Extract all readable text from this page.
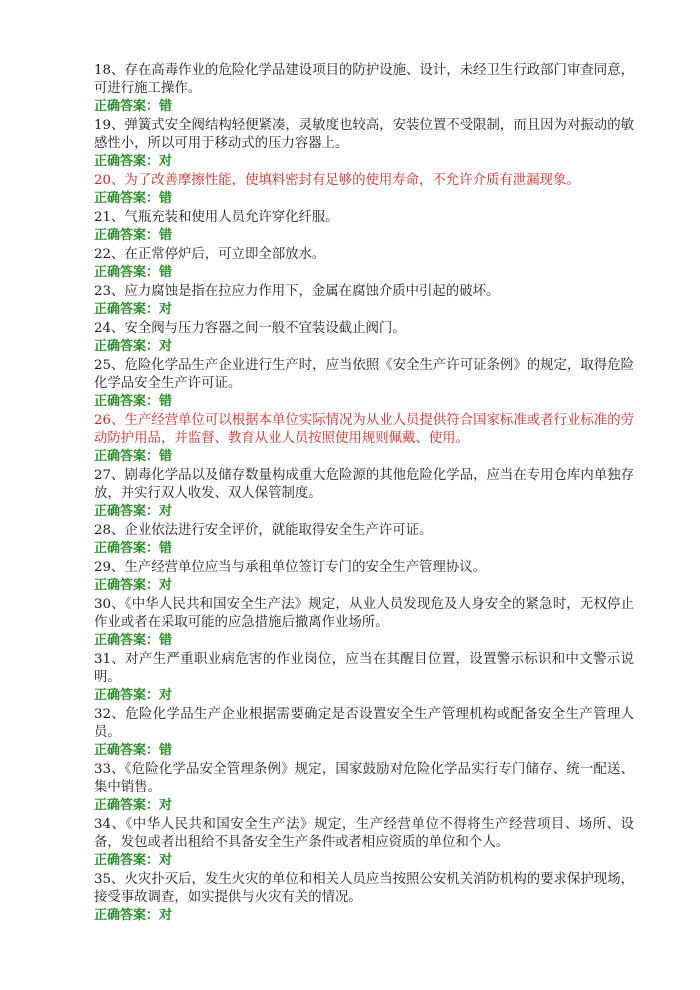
18、存在高毒作业的危险化学品建设项目的防护设施、设计，未经卫生行政部门审查同意，可进行施工操作。

正确答案：错

19、弹簧式安全阀结构轻便紧凑，灵敏度也较高，安装位置不受限制，而且因为对振动的敏感性小，所以可用于移动式的压力容器上。

正确答案：对

20、为了改善摩擦性能，使填料密封有足够的使用寿命，不允许介质有泄漏现象。

正确答案：错

21、气瓶充装和使用人员允许穿化纤服。

正确答案：错

22、在正常停炉后，可立即全部放水。

正确答案：错

23、应力腐蚀是指在拉应力作用下，金属在腐蚀介质中引起的破坏。

正确答案：对

24、安全阀与压力容器之间一般不宜装设截止阀门。

正确答案：对

25、危险化学品生产企业进行生产时，应当依照《安全生产许可证条例》的规定，取得危险化学品安全生产许可证。

正确答案：错

26、生产经营单位可以根据本单位实际情况为从业人员提供符合国家标准或者行业标准的劳动防护用品，并监督、教育从业人员按照使用规则佩戴、使用。

正确答案：错

27、剧毒化学品以及储存数量构成重大危险源的其他危险化学品，应当在专用仓库内单独存放，并实行双人收发、双人保管制度。

正确答案：对

28、企业依法进行安全评价，就能取得安全生产许可证。

正确答案：错

29、生产经营单位应当与承租单位签订专门的安全生产管理协议。

正确答案：对

30、《中华人民共和国安全生产法》规定，从业人员发现危及人身安全的紧急时，无权停止作业或者在采取可能的应急措施后撤离作业场所。

正确答案：错

31、对产生严重职业病危害的作业岗位，应当在其醒目位置，设置警示标识和中文警示说明。

正确答案：对

32、危险化学品生产企业根据需要确定是否设置安全生产管理机构或配备安全生产管理人员。

正确答案：错

33、《危险化学品安全管理条例》规定，国家鼓励对危险化学品实行专门储存、统一配送、集中销售。

正确答案：对

34、《中华人民共和国安全生产法》规定，生产经营单位不得将生产经营项目、场所、设备，发包或者出租给不具备安全生产条件或者相应资质的单位和个人。

正确答案：对

35、火灾扑灭后，发生火灾的单位和相关人员应当按照公安机关消防机构的要求保护现场，接受事故调查，如实提供与火灾有关的情况。

正确答案：对
